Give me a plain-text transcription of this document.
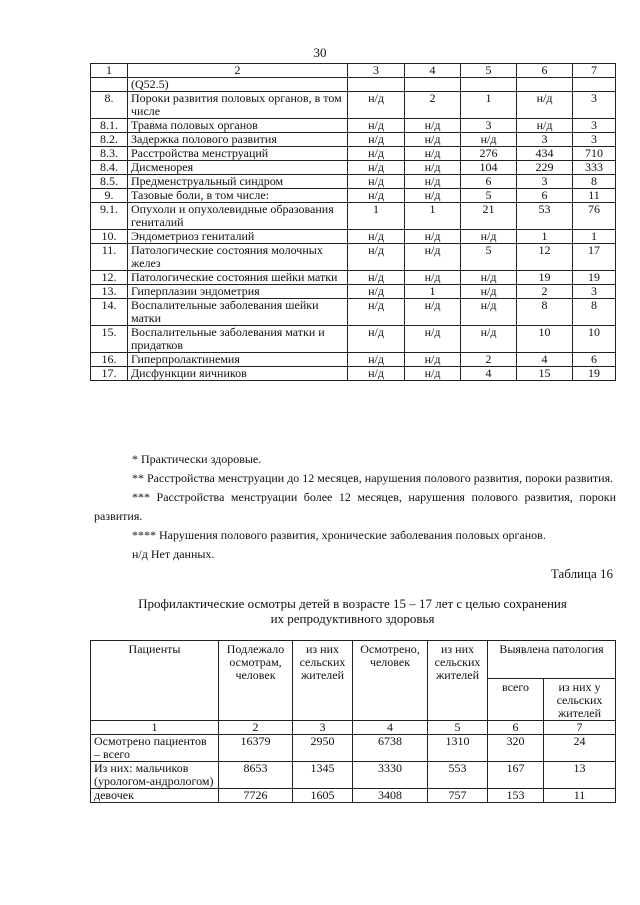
30
1	2	3	4	5	6	7
	(Q52.5)					
8.	Пороки развития половых органов, в том числе	н/д	2	1	н/д	3
8.1.	Травма половых органов	н/д	н/д	3	н/д	3
8.2.	Задержка полового развития	н/д	н/д	н/д	3	3
8.3.	Расстройства менструаций	н/д	н/д	276	434	710
8.4.	Дисменорея	н/д	н/д	104	229	333
8.5.	Предменструальный синдром	н/д	н/д	6	3	8
9.	Тазовые боли, в том числе:	н/д	н/д	5	6	11
9.1.	Опухоли и опухолевидные образования гениталий	1	1	21	53	76
10.	Эндометриоз гениталий	н/д	н/д	н/д	1	1
11.	Патологические состояния молочных желез	н/д	н/д	5	12	17
12.	Патологические состояния шейки матки	н/д	н/д	н/д	19	19
13.	Гиперплазии эндометрия	н/д	1	н/д	2	3
14.	Воспалительные заболевания шейки матки	н/д	н/д	н/д	8	8
15.	Воспалительные заболевания матки и придатков	н/д	н/д	н/д	10	10
16.	Гиперпролактинемия	н/д	н/д	2	4	6
17.	Дисфункции яичников	н/д	н/д	4	15	19

* Практически здоровые.

** Расстройства менструации до 12 месяцев, нарушения полового развития, пороки развития.

*** Расстройства менструации более 12 месяцев, нарушения полового развития, пороки развития.

**** Нарушения полового развития, хронические заболевания половых органов.

н/д Нет данных.

Таблица 16
Профилактические осмотры детей в возрасте 15 – 17 лет с целью сохранения
их репродуктивного здоровья
Пациенты	Подлежало осмотрам, человек	из них сельских жителей	Осмотрено, человек	из них сельских жителей	Выявлена патология	
					всего	из них у сельских жителей
1	2	3	4	5	6	7
Осмотрено пациентов – всего	16379	2950	6738	1310	320	24
Из них: мальчиков (урологом-андрологом)	8653	1345	3330	553	167	13
девочек	7726	1605	3408	757	153	11
